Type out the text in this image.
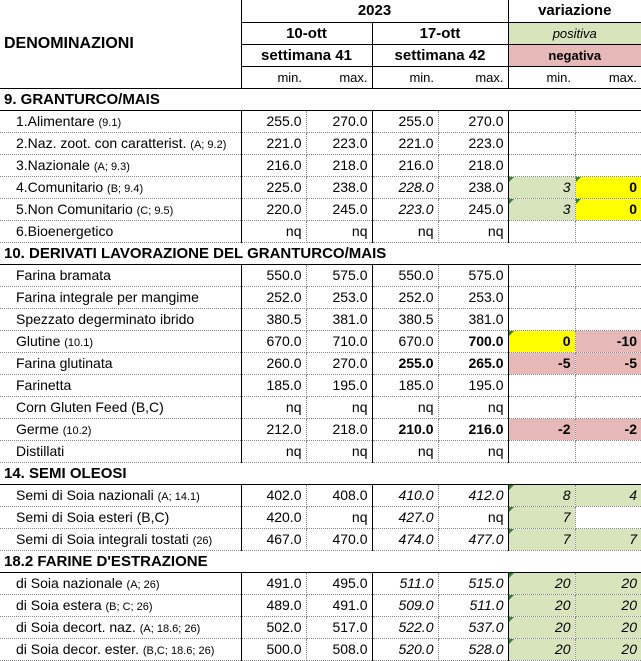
DENOMINAZIONI	2023				variazione	
	10-ott		17-ott		positiva	
	settimana 41		settimana 42		negativa	
	min.	max.	min.	max.	min.	max.
9. GRANTURCO/MAIS						
1.Alimentare (9.1)	255.0	270.0	255.0	270.0		
2.Naz. zoot. con caratterist. (A; 9.2)	221.0	223.0	221.0	223.0		
3.Nazionale (A; 9.3)	216.0	218.0	216.0	218.0		
4.Comunitario (B; 9.4)	225.0	238.0	228.0	238.0	3	0
5.Non Comunitario (C; 9.5)	220.0	245.0	223.0	245.0	3	0
6.Bioenergetico	nq	nq	nq	nq		
10. DERIVATI LAVORAZIONE DEL GRANTURCO/MAIS						
Farina bramata	550.0	575.0	550.0	575.0		
Farina integrale per mangime	252.0	253.0	252.0	253.0		
Spezzato degerminato ibrido	380.5	381.0	380.5	381.0		
Glutine (10.1)	670.0	710.0	670.0	700.0	0	-10
Farina glutinata	260.0	270.0	255.0	265.0	-5	-5
Farinetta	185.0	195.0	185.0	195.0		
Corn Gluten Feed (B,C)	nq	nq	nq	nq		
Germe (10.2)	212.0	218.0	210.0	216.0	-2	-2
Distillati	nq	nq	nq	nq		
14. SEMI OLEOSI						
Semi di Soia nazionali (A; 14.1)	402.0	408.0	410.0	412.0	8	4
Semi di Soia esteri (B,C)	420.0	nq	427.0	nq	7	
Semi di Soia integrali tostati (26)	467.0	470.0	474.0	477.0	7	7
18.2 FARINE D'ESTRAZIONE						
di Soia nazionale (A; 26)	491.0	495.0	511.0	515.0	20	20
di Soia estera (B; C; 26)	489.0	491.0	509.0	511.0	20	20
di Soia decort. naz. (A; 18.6; 26)	502.0	517.0	522.0	537.0	20	20
di Soia decor. ester. (B,C; 18.6; 26)	500.0	508.0	520.0	528.0	20	20
